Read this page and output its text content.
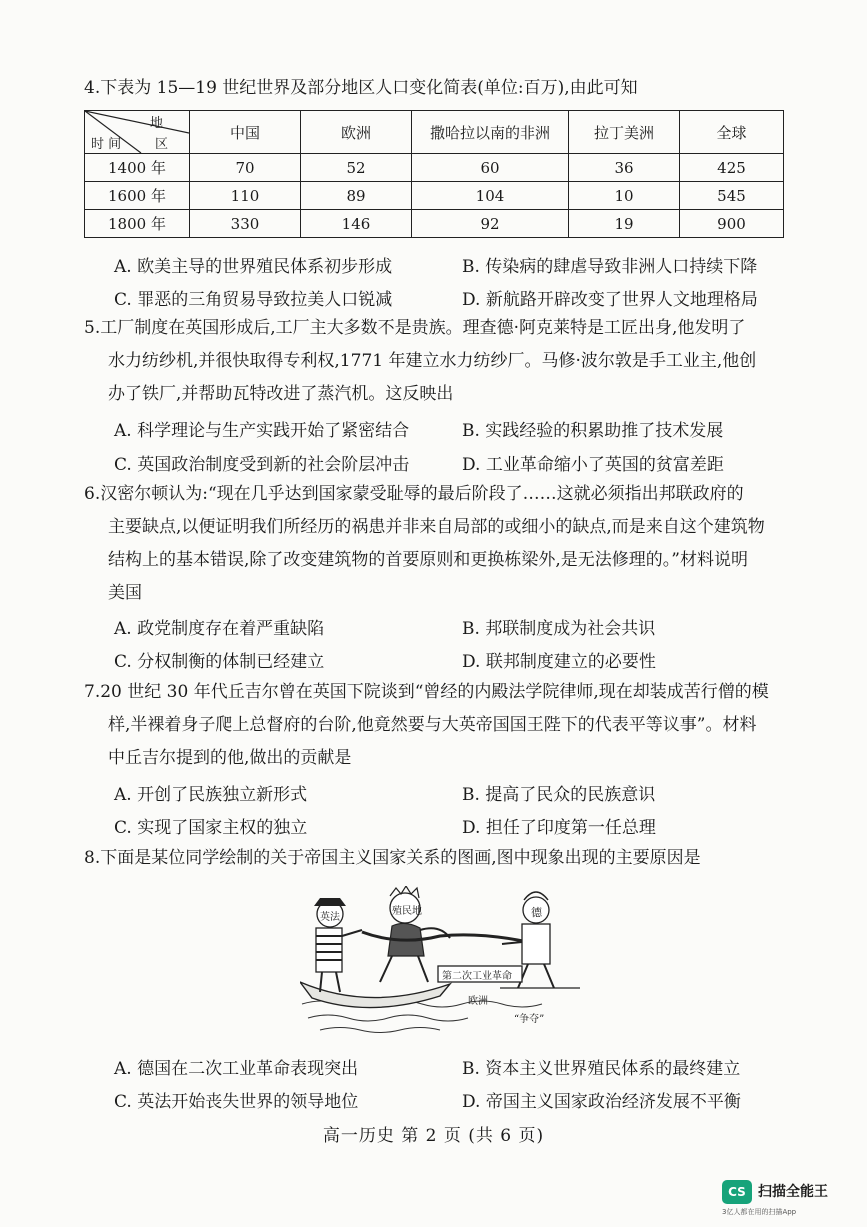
4.下表为 15—19 世纪世界及部分地区人口变化简表(单位:百万),由此可知
地
区
时 间	中国	欧洲	撒哈拉以南的非洲	拉丁美洲	全球
1400 年	70	52	60	36	425
1600 年	110	89	104	10	545
1800 年	330	146	92	19	900
A. 欧美主导的世界殖民体系初步形成	B. 传染病的肆虐导致非洲人口持续下降
C. 罪恶的三角贸易导致拉美人口锐减	D. 新航路开辟改变了世界人文地理格局
5.工厂制度在英国形成后,工厂主大多数不是贵族。理查德·阿克莱特是工匠出身,他发明了
水力纺纱机,并很快取得专利权,1771 年建立水力纺纱厂。马修·波尔敦是手工业主,他创
办了铁厂,并帮助瓦特改进了蒸汽机。这反映出
A. 科学理论与生产实践开始了紧密结合	B. 实践经验的积累助推了技术发展
C. 英国政治制度受到新的社会阶层冲击	D. 工业革命缩小了英国的贫富差距
6.汉密尔顿认为:“现在几乎达到国家蒙受耻辱的最后阶段了……这就必须指出邦联政府的
主要缺点,以便证明我们所经历的祸患并非来自局部的或细小的缺点,而是来自这个建筑物
结构上的基本错误,除了改变建筑物的首要原则和更换栋梁外,是无法修理的。”材料说明
美国
A. 政党制度存在着严重缺陷	B. 邦联制度成为社会共识
C. 分权制衡的体制已经建立	D. 联邦制度建立的必要性
7.20 世纪 30 年代丘吉尔曾在英国下院谈到“曾经的内殿法学院律师,现在却装成苦行僧的模
样,半裸着身子爬上总督府的台阶,他竟然要与大英帝国国王陛下的代表平等议事”。材料
中丘吉尔提到的他,做出的贡献是
A. 开创了民族独立新形式	B. 提高了民众的民族意识
C. 实现了国家主权的独立	D. 担任了印度第一任总理
8.下面是某位同学绘制的关于帝国主义国家关系的图画,图中现象出现的主要原因是
英法
殖民地	德
第二次工业革命
欧洲
“争夺”
A. 德国在二次工业革命表现突出	B. 资本主义世界殖民体系的最终建立
C. 英法开始丧失世界的领导地位	D. 帝国主义国家政治经济发展不平衡
高一历史 第 2 页 (共 6 页)
CS 扫描全能王
3亿人都在用的扫描App
